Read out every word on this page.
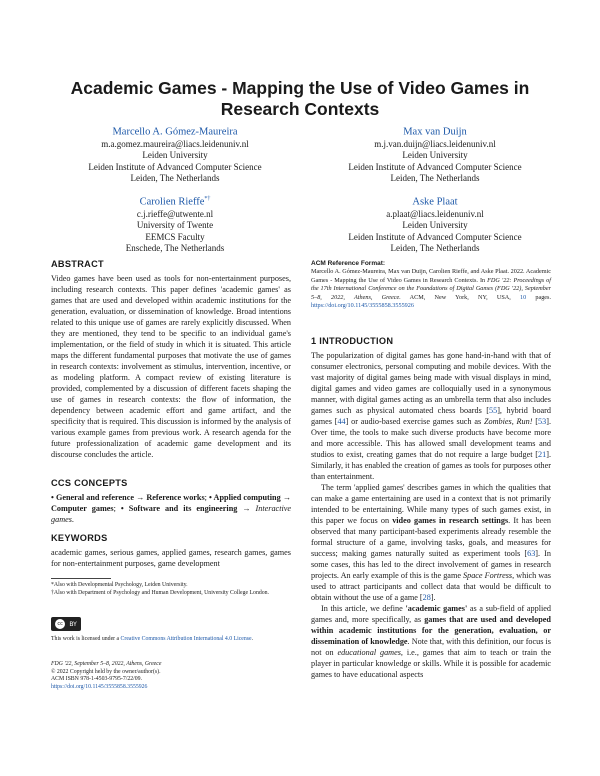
Academic Games - Mapping the Use of Video Games in Research Contexts
Marcello A. Gómez-Maureira
m.a.gomez.maureira@liacs.leidenuniv.nl
Leiden University
Leiden Institute of Advanced Computer Science
Leiden, The Netherlands
Max van Duijn
m.j.van.duijn@liacs.leidenuniv.nl
Leiden University
Leiden Institute of Advanced Computer Science
Leiden, The Netherlands
Carolien Rieffe*†
c.j.rieffe@utwente.nl
University of Twente
EEMCS Faculty
Enschede, The Netherlands
Aske Plaat
a.plaat@liacs.leidenuniv.nl
Leiden University
Leiden Institute of Advanced Computer Science
Leiden, The Netherlands
ABSTRACT

Video games have been used as tools for non-entertainment purposes, including research contexts. This paper defines 'academic games' as games that are used and developed within academic institutions for the generation, evaluation, or dissemination of knowledge. Broad intentions related to this unique use of games are rarely explicitly discussed. When they are mentioned, they tend to be specific to an individual game's implementation, or the field of study in which it is situated. This article maps the different fundamental purposes that motivate the use of games in research contexts: involvement as stimulus, intervention, incentive, or as modeling platform. A compact review of existing literature is provided, complemented by a discussion of different facets shaping the use of games in research contexts: the flow of information, the dependency between academic effort and game artifact, and the specificity that is required. This discussion is informed by the analysis of various example games from previous work. A research agenda for the future professionalization of academic game development and its discourse concludes the article.

CCS CONCEPTS

• General and reference → Reference works; • Applied computing → Computer games; • Software and its engineering → Interactive games.

KEYWORDS

academic games, serious games, applied games, research games, games for non-entertainment purposes, game development

*Also with Developmental Psychology, Leiden University.
†Also with Department of Psychology and Human Development, University College London.
cc	BY
This work is licensed under a Creative Commons Attribution International 4.0 License.
FDG '22, September 5–8, 2022, Athens, Greece
© 2022 Copyright held by the owner/author(s).
ACM ISBN 978-1-4503-9795-7/22/09.
https://doi.org/10.1145/3555858.3555926
ACM Reference Format:

Marcello A. Gómez-Maureira, Max van Duijn, Carolien Rieffe, and Aske Plaat. 2022. Academic Games - Mapping the Use of Video Games in Research Contexts. In FDG '22: Proceedings of the 17th International Conference on the Foundations of Digital Games (FDG '22), September 5–8, 2022, Athens, Greece. ACM, New York, NY, USA, 10 pages. https://doi.org/10.1145/3555858.3555926

1 INTRODUCTION

The popularization of digital games has gone hand-in-hand with that of consumer electronics, personal computing and mobile devices. With the vast majority of digital games being made with visual displays in mind, digital games and video games are colloquially used in a synonymous manner, with digital games acting as an umbrella term that also includes games such as physical automated chess boards [55], hybrid board games [44] or audio-based exercise games such as Zombies, Run! [53]. Over time, the tools to make such diverse products have become more and more accessible. This has allowed small development teams and studios to exist, creating games that do not require a large budget [21]. Similarly, it has enabled the creation of games as tools for purposes other than entertainment.

The term 'applied games' describes games in which the qualities that can make a game entertaining are used in a context that is not primarily intended to be entertaining. While many types of such games exist, in this paper we focus on video games in research settings. It has been observed that many participant-based experiments already resemble the formal structure of a game, involving tasks, goals, and measures for success; making games naturally suited as experiment tools [63]. In some cases, this has led to the direct involvement of games in research projects. An early example of this is the game Space Fortress, which was used to attract participants and collect data that would be difficult to obtain without the use of a game [28].

In this article, we define 'academic games' as a sub-field of applied games and, more specifically, as games that are used and developed within academic institutions for the generation, evaluation, or dissemination of knowledge. Note that, with this definition, our focus is not on educational games, i.e., games that aim to teach or train the player in particular knowledge or skills. While it is possible for academic games to have educational aspects
